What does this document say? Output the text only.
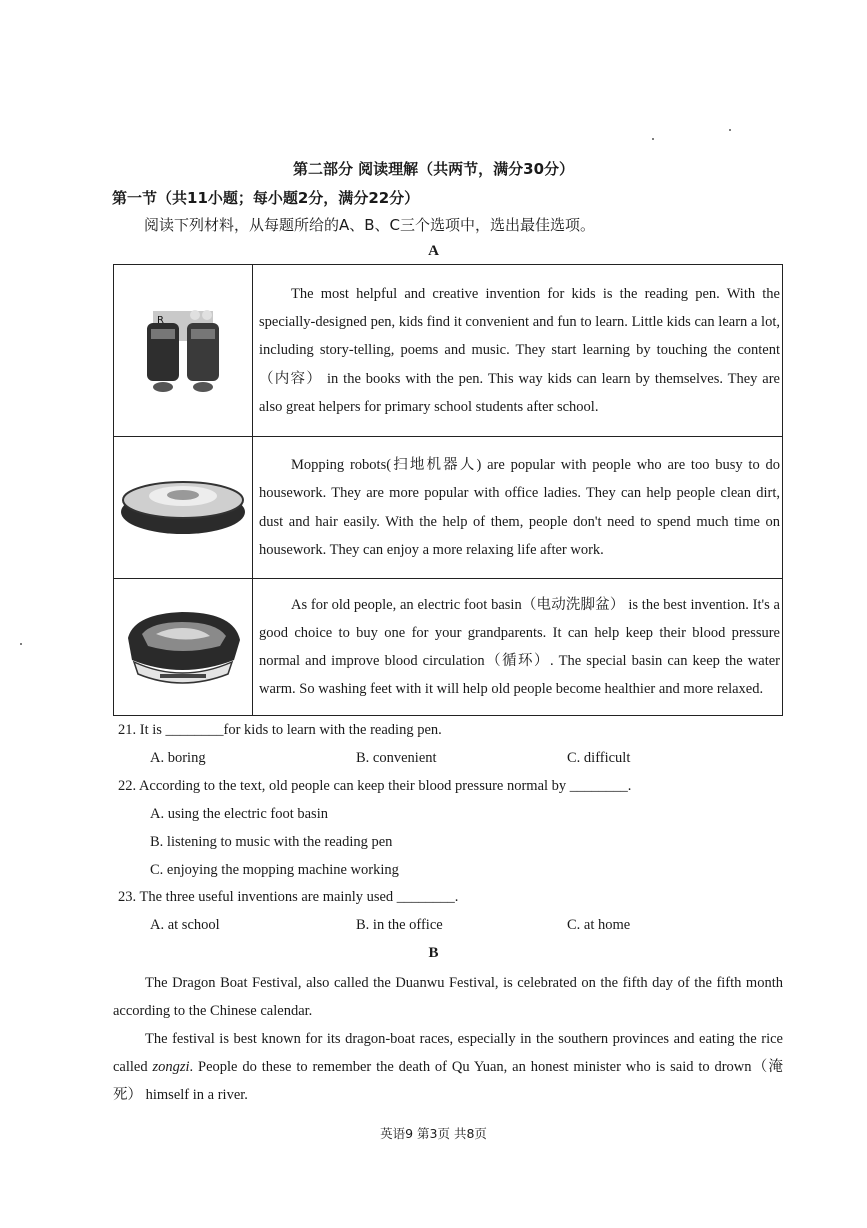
第二部分 阅读理解（共两节，满分30分）
第一节（共11小题；每小题2分，满分22分）
阅读下列材料，从每题所给的A、B、C三个选项中，选出最佳选项。
A
R	The most helpful and creative invention for kids is the reading pen. With the specially-designed pen, kids find it convenient and fun to learn. Little kids can learn a lot, including story-telling, poems and music. They start learning by touching the content（内容） in the books with the pen. This way kids can learn by themselves. They are also great helpers for primary school students after school.

Mopping robots(扫地机器人) are popular with people who are too busy to do housework. They are more popular with office ladies. They can help people clean dirt, dust and hair easily. With the help of them, people don't need to spend much time on housework. They can enjoy a more relaxing life after work.

As for old people, an electric foot basin（电动洗脚盆） is the best invention. It's a good choice to buy one for your grandparents. It can help keep their blood pressure normal and improve blood circulation（循环）. The special basin can keep the water warm. So washing feet with it will help old people become healthier and more relaxed.

21. It is ________for kids to learn with the reading pen.
A. boring	B. convenient	C. difficult
22. According to the text, old people can keep their blood pressure normal by ________.
A. using the electric foot basin
B. listening to music with the reading pen
C. enjoying the mopping machine working
23. The three useful inventions are mainly used ________.
A. at school	B. in the office	C. at home
B
The Dragon Boat Festival, also called the Duanwu Festival, is celebrated on the fifth day of the fifth month according to the Chinese calendar.
The festival is best known for its dragon-boat races, especially in the southern provinces and eating the rice called zongzi. People do these to remember the death of Qu Yuan, an honest minister who is said to drown（淹死） himself in a river.
英语9 第3页 共8页
